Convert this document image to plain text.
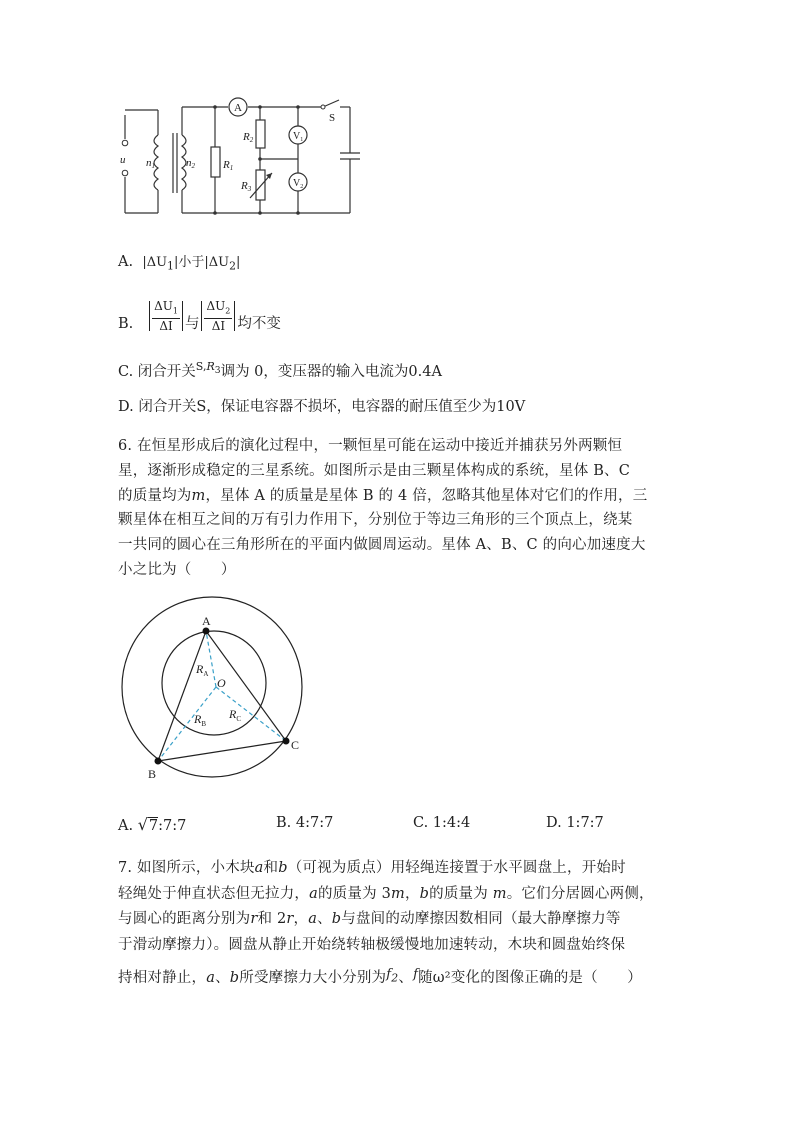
u n1	n2	R1
R2
R3
A
$V_1$
$V_2$
S
A. $|\Delta U_1|$小于$|\Delta U_2|$
B. $\frac{\Delta U_1}{\Delta I}$ 与 $\frac{\Delta U_2}{\Delta I}$ 均不变
C. 闭合开关$^{S,R_3}$调为 0，变压器的输入电流为0.4A
D. 闭合开关S，保证电容器不损坏，电容器的耐压值至少为10V
6. 在恒星形成后的演化过程中，一颗恒星可能在运动中接近并捕获另外两颗恒
星，逐渐形成稳定的三星系统。如图所示是由三颗星体构成的系统，星体 B、C
的质量均为m，星体 A 的质量是星体 B 的 4 倍，忽略其他星体对它们的作用，三
颗星体在相互之间的万有引力作用下，分别位于等边三角形的三个顶点上，绕某
一共同的圆心在三角形所在的平面内做圆周运动。星体 A、B、C 的向心加速度大
小之比为（　　）
A
B
C
O
$R_A$
$R_B$
$R_C$
A. √7:7:7	B. 4:7:7	C. 1:4:4	D. 1:7:7
7. 如图所示，小木块a和b（可视为质点）用轻绳连接置于水平圆盘上，开始时
轻绳处于伸直状态但无拉力，a的质量为 3m，b的质量为 m。它们分居圆心两侧，
与圆心的距离分别为r和 2r，a、b与盘间的动摩擦因数相同（最大静摩擦力等
于滑动摩擦力）。圆盘从静止开始绕转轴极缓慢地加速转动，木块和圆盘始终保
持相对静止，a、b所受摩擦力大小分别为$f_2$、f随ω²变化的图像正确的是（　　）
